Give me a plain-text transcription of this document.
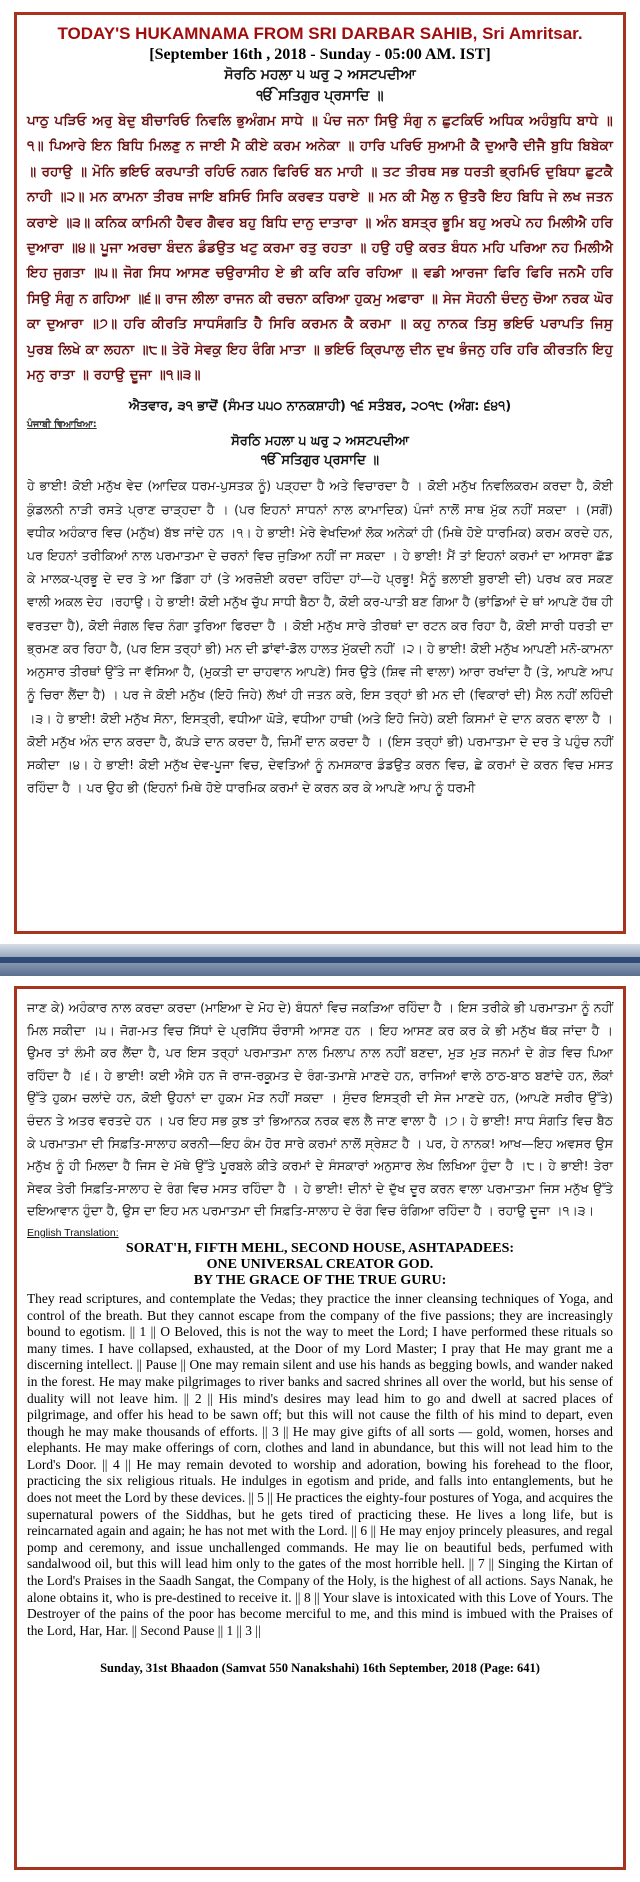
TODAY'S HUKAMNAMA FROM SRI DARBAR SAHIB, Sri Amritsar.
[September 16th , 2018 - Sunday - 05:00 AM. IST]
ਸੋਰਠਿ ਮਹਲਾ ੫ ਘਰੁ ੨ ਅਸਟਪਦੀਆ
ੴ ਸਤਿਗੁਰ ਪ੍ਰਸਾਦਿ ॥
ਪਾਠੁ ਪੜਿਓ ਅਰੁ ਬੇਦੁ ਬੀਚਾਰਿਓ ਨਿਵਲਿ ਭੁਅੰਗਮ ਸਾਧੇ ॥ ਪੰਚ ਜਨਾ ਸਿਉ ਸੰਗੁ ਨ ਛੁਟਕਿਓ ਅਧਿਕ ਅਹੰਬੁਧਿ ਬਾਧੇ ॥੧॥ ਪਿਆਰੇ ਇਨ ਬਿਧਿ ਮਿਲਣੁ ਨ ਜਾਈ ਮੈ ਕੀਏ ਕਰਮ ਅਨੇਕਾ ॥ ਹਾਰਿ ਪਰਿਓ ਸੁਆਮੀ ਕੈ ਦੁਆਰੈ ਦੀਜੈ ਬੁਧਿ ਬਿਬੇਕਾ ॥ ਰਹਾਉ ॥ ਮੋਨਿ ਭਇਓ ਕਰਪਾਤੀ ਰਹਿਓ ਨਗਨ ਫਿਰਿਓ ਬਨ ਮਾਹੀ ॥ ਤਟ ਤੀਰਥ ਸਭ ਧਰਤੀ ਭ੍ਰਮਿਓ ਦੁਬਿਧਾ ਛੁਟਕੈ ਨਾਹੀ ॥੨॥ ਮਨ ਕਾਮਨਾ ਤੀਰਥ ਜਾਇ ਬਸਿਓ ਸਿਰਿ ਕਰਵਤ ਧਰਾਏ ॥ ਮਨ ਕੀ ਮੈਲੁ ਨ ਉਤਰੈ ਇਹ ਬਿਧਿ ਜੇ ਲਖ ਜਤਨ ਕਰਾਏ ॥੩॥ ਕਨਿਕ ਕਾਮਿਨੀ ਹੈਵਰ ਗੈਵਰ ਬਹੁ ਬਿਧਿ ਦਾਨੁ ਦਾਤਾਰਾ ॥ ਅੰਨ ਬਸਤ੍ਰ ਭੂਮਿ ਬਹੁ ਅਰਪੇ ਨਹ ਮਿਲੀਐ ਹਰਿ ਦੁਆਰਾ ॥੪॥ ਪੂਜਾ ਅਰਚਾ ਬੰਦਨ ਡੰਡਉਤ ਖਟੁ ਕਰਮਾ ਰਤੁ ਰਹਤਾ ॥ ਹਉ ਹਉ ਕਰਤ ਬੰਧਨ ਮਹਿ ਪਰਿਆ ਨਹ ਮਿਲੀਐ ਇਹ ਜੁਗਤਾ ॥੫॥ ਜੋਗ ਸਿਧ ਆਸਣ ਚਉਰਾਸੀਹ ਏ ਭੀ ਕਰਿ ਕਰਿ ਰਹਿਆ ॥ ਵਡੀ ਆਰਜਾ ਫਿਰਿ ਫਿਰਿ ਜਨਮੈ ਹਰਿ ਸਿਉ ਸੰਗੁ ਨ ਗਹਿਆ ॥੬॥ ਰਾਜ ਲੀਲਾ ਰਾਜਨ ਕੀ ਰਚਨਾ ਕਰਿਆ ਹੁਕਮੁ ਅਫਾਰਾ ॥ ਸੇਜ ਸੋਹਨੀ ਚੰਦਨੁ ਚੋਆ ਨਰਕ ਘੋਰ ਕਾ ਦੁਆਰਾ ॥੭॥ ਹਰਿ ਕੀਰਤਿ ਸਾਧਸੰਗਤਿ ਹੈ ਸਿਰਿ ਕਰਮਨ ਕੈ ਕਰਮਾ ॥ ਕਹੁ ਨਾਨਕ ਤਿਸੁ ਭਇਓ ਪਰਾਪਤਿ ਜਿਸੁ ਪੁਰਬ ਲਿਖੇ ਕਾ ਲਹਨਾ ॥੮॥ ਤੇਰੋ ਸੇਵਕੁ ਇਹ ਰੰਗਿ ਮਾਤਾ ॥ ਭਇਓ ਕ੍ਰਿਪਾਲੁ ਦੀਨ ਦੁਖ ਭੰਜਨੁ ਹਰਿ ਹਰਿ ਕੀਰਤਨਿ ਇਹੁ ਮਨੁ ਰਾਤਾ ॥ ਰਹਾਉ ਦੂਜਾ ॥੧॥੩॥
ਐਤਵਾਰ, ੩੧ ਭਾਦੋਂ (ਸੰਮਤ ੫੫੦ ਨਾਨਕਸ਼ਾਹੀ) ੧੬ ਸਤੰਬਰ, ੨੦੧੮ (ਅੰਗ: ੬੪੧)
ਪੰਜਾਬੀ ਵਿਆਖਿਆ:
ਸੋਰਠਿ ਮਹਲਾ ੫ ਘਰੁ ੨ ਅਸਟਪਦੀਆ
ੴ ਸਤਿਗੁਰ ਪ੍ਰਸਾਦਿ ॥
ਹੇ ਭਾਈ! ਕੋਈ ਮਨੁੱਖ ਵੇਦ (ਆਦਿਕ ਧਰਮ-ਪੁਸਤਕ ਨੂੰ) ਪੜ੍ਹਦਾ ਹੈ ਅਤੇ ਵਿਚਾਰਦਾ ਹੈ । ਕੋਈ ਮਨੁੱਖ ਨਿਵਲਿਕਰਮ ਕਰਦਾ ਹੈ, ਕੋਈ ਕੁੰਡਲਨੀ ਨਾੜੀ ਰਸਤੇ ਪ੍ਰਾਣ ਚਾੜ੍ਹਦਾ ਹੈ । (ਪਰ ਇਹਨਾਂ ਸਾਧਨਾਂ ਨਾਲ ਕਾਮਾਦਿਕ) ਪੰਜਾਂ ਨਾਲੋਂ ਸਾਥ ਮੁੱਕ ਨਹੀਂ ਸਕਦਾ । (ਸਗੋਂ) ਵਧੀਕ ਅਹੰਕਾਰ ਵਿਚ (ਮਨੁੱਖ) ਬੱਝ ਜਾਂਦੇ ਹਨ ।੧। ਹੇ ਭਾਈ! ਮੇਰੇ ਵੇਖਦਿਆਂ ਲੋਕ ਅਨੇਕਾਂ ਹੀ (ਮਿਥੇ ਹੋਏ ਧਾਰਮਿਕ) ਕਰਮ ਕਰਦੇ ਹਨ, ਪਰ ਇਹਨਾਂ ਤਰੀਕਿਆਂ ਨਾਲ ਪਰਮਾਤਮਾ ਦੇ ਚਰਨਾਂ ਵਿਚ ਜੁੜਿਆ ਨਹੀਂ ਜਾ ਸਕਦਾ । ਹੇ ਭਾਈ! ਮੈਂ ਤਾਂ ਇਹਨਾਂ ਕਰਮਾਂ ਦਾ ਆਸਰਾ ਛੱਡ ਕੇ ਮਾਲਕ-ਪ੍ਰਭੂ ਦੇ ਦਰ ਤੇ ਆ ਡਿੱਗਾ ਹਾਂ (ਤੇ ਅਰਜ਼ੋਈ ਕਰਦਾ ਰਹਿੰਦਾ ਹਾਂ—ਹੇ ਪ੍ਰਭੂ! ਮੈਨੂੰ ਭਲਾਈ ਬੁਰਾਈ ਦੀ) ਪਰਖ ਕਰ ਸਕਣ ਵਾਲੀ ਅਕਲ ਦੇਹ ।ਰਹਾਉ। ਹੇ ਭਾਈ! ਕੋਈ ਮਨੁੱਖ ਚੁੱਪ ਸਾਧੀ ਬੈਠਾ ਹੈ, ਕੋਈ ਕਰ-ਪਾਤੀ ਬਣ ਗਿਆ ਹੈ (ਭਾਂਡਿਆਂ ਦੇ ਥਾਂ ਆਪਣੇ ਹੱਥ ਹੀ ਵਰਤਦਾ ਹੈ), ਕੋਈ ਜੰਗਲ ਵਿਚ ਨੰਗਾ ਤੁਰਿਆ ਫਿਰਦਾ ਹੈ । ਕੋਈ ਮਨੁੱਖ ਸਾਰੇ ਤੀਰਥਾਂ ਦਾ ਰਟਨ ਕਰ ਰਿਹਾ ਹੈ, ਕੋਈ ਸਾਰੀ ਧਰਤੀ ਦਾ ਭ੍ਰਮਣ ਕਰ ਰਿਹਾ ਹੈ, (ਪਰ ਇਸ ਤਰ੍ਹਾਂ ਭੀ) ਮਨ ਦੀ ਡਾਂਵਾਂ-ਡੋਲ ਹਾਲਤ ਮੁੱਕਦੀ ਨਹੀਂ ।੨। ਹੇ ਭਾਈ! ਕੋਈ ਮਨੁੱਖ ਆਪਣੀ ਮਨੋ-ਕਾਮਨਾ ਅਨੁਸਾਰ ਤੀਰਥਾਂ ਉੱਤੇ ਜਾ ਵੱਸਿਆ ਹੈ, (ਮੁਕਤੀ ਦਾ ਚਾਹਵਾਨ ਆਪਣੇ) ਸਿਰ ਉਤੇ (ਸ਼ਿਵ ਜੀ ਵਾਲਾ) ਆਰਾ ਰਖਾਂਦਾ ਹੈ (ਤੇ, ਆਪਣੇ ਆਪ ਨੂੰ ਚਿਰਾ ਲੈਂਦਾ ਹੈ) । ਪਰ ਜੇ ਕੋਈ ਮਨੁੱਖ (ਇਹੋ ਜਿਹੇ) ਲੱਖਾਂ ਹੀ ਜਤਨ ਕਰੇ, ਇਸ ਤਰ੍ਹਾਂ ਭੀ ਮਨ ਦੀ (ਵਿਕਾਰਾਂ ਦੀ) ਮੈਲ ਨਹੀਂ ਲਹਿੰਦੀ ।੩। ਹੇ ਭਾਈ! ਕੋਈ ਮਨੁੱਖ ਸੋਨਾ, ਇਸਤ੍ਰੀ, ਵਧੀਆ ਘੋੜੇ, ਵਧੀਆ ਹਾਥੀ (ਅਤੇ ਇਹੋ ਜਿਹੇ) ਕਈ ਕਿਸਮਾਂ ਦੇ ਦਾਨ ਕਰਨ ਵਾਲਾ ਹੈ । ਕੋਈ ਮਨੁੱਖ ਅੰਨ ਦਾਨ ਕਰਦਾ ਹੈ, ਕੱਪੜੇ ਦਾਨ ਕਰਦਾ ਹੈ, ਜ਼ਿਮੀਂ ਦਾਨ ਕਰਦਾ ਹੈ । (ਇਸ ਤਰ੍ਹਾਂ ਭੀ) ਪਰਮਾਤਮਾ ਦੇ ਦਰ ਤੇ ਪਹੁੰਚ ਨਹੀਂ ਸਕੀਦਾ ।੪। ਹੇ ਭਾਈ! ਕੋਈ ਮਨੁੱਖ ਦੇਵ-ਪੂਜਾ ਵਿਚ, ਦੇਵਤਿਆਂ ਨੂੰ ਨਮਸਕਾਰ ਡੰਡਉਤ ਕਰਨ ਵਿਚ, ਛੇ ਕਰਮਾਂ ਦੇ ਕਰਨ ਵਿਚ ਮਸਤ ਰਹਿੰਦਾ ਹੈ । ਪਰ ਉਹ ਭੀ (ਇਹਨਾਂ ਮਿਥੇ ਹੋਏ ਧਾਰਮਿਕ ਕਰਮਾਂ ਦੇ ਕਰਨ ਕਰ ਕੇ ਆਪਣੇ ਆਪ ਨੂੰ ਧਰਮੀ
ਜਾਣ ਕੇ) ਅਹੰਕਾਰ ਨਾਲ ਕਰਦਾ ਕਰਦਾ (ਮਾਇਆ ਦੇ ਮੋਹ ਦੇ) ਬੰਧਨਾਂ ਵਿਚ ਜਕੜਿਆ ਰਹਿੰਦਾ ਹੈ । ਇਸ ਤਰੀਕੇ ਭੀ ਪਰਮਾਤਮਾ ਨੂੰ ਨਹੀਂ ਮਿਲ ਸਕੀਦਾ ।੫। ਜੋਗ-ਮਤ ਵਿਚ ਸਿੱਧਾਂ ਦੇ ਪ੍ਰਸਿੱਧ ਚੌਰਾਸੀ ਆਸਣ ਹਨ । ਇਹ ਆਸਣ ਕਰ ਕਰ ਕੇ ਭੀ ਮਨੁੱਖ ਥੱਕ ਜਾਂਦਾ ਹੈ । ਉਮਰ ਤਾਂ ਲੰਮੀ ਕਰ ਲੈਂਦਾ ਹੈ, ਪਰ ਇਸ ਤਰ੍ਹਾਂ ਪਰਮਾਤਮਾ ਨਾਲ ਮਿਲਾਪ ਨਾਲ ਨਹੀਂ ਬਣਦਾ, ਮੁੜ ਮੁੜ ਜਨਮਾਂ ਦੇ ਗੇੜ ਵਿਚ ਪਿਆ ਰਹਿੰਦਾ ਹੈ ।੬। ਹੇ ਭਾਈ! ਕਈ ਐਸੇ ਹਨ ਜੋ ਰਾਜ-ਰਕੂਮਤ ਦੇ ਰੰਗ-ਤਮਾਸ਼ੇ ਮਾਣਦੇ ਹਨ, ਰਾਜਿਆਂ ਵਾਲੇ ਠਾਠ-ਬਾਠ ਬਣਾਂਦੇ ਹਨ, ਲੋਕਾਂ ਉੱਤੇ ਹੁਕਮ ਚਲਾਂਦੇ ਹਨ, ਕੋਈ ਉਹਨਾਂ ਦਾ ਹੁਕਮ ਮੋੜ ਨਹੀਂ ਸਕਦਾ । ਸੁੰਦਰ ਇਸਤ੍ਰੀ ਦੀ ਸੇਜ ਮਾਣਦੇ ਹਨ, (ਆਪਣੇ ਸਰੀਰ ਉੱਤੇ) ਚੰਦਨ ਤੇ ਅਤਰ ਵਰਤਦੇ ਹਨ । ਪਰ ਇਹ ਸਭ ਕੁਝ ਤਾਂ ਭਿਆਨਕ ਨਰਕ ਵਲ ਲੈ ਜਾਣ ਵਾਲਾ ਹੈ ।੭। ਹੇ ਭਾਈ! ਸਾਧ ਸੰਗਤਿ ਵਿਚ ਬੈਠ ਕੇ ਪਰਮਾਤਮਾ ਦੀ ਸਿਫ਼ਤਿ-ਸਾਲਾਹ ਕਰਨੀ—ਇਹ ਕੰਮ ਹੋਰ ਸਾਰੇ ਕਰਮਾਂ ਨਾਲੋਂ ਸ੍ਰੇਸ਼ਟ ਹੈ । ਪਰ, ਹੇ ਨਾਨਕ! ਆਖ—ਇਹ ਅਵਸਰ ਉਸ ਮਨੁੱਖ ਨੂੰ ਹੀ ਮਿਲਦਾ ਹੈ ਜਿਸ ਦੇ ਮੱਥੇ ਉੱਤੇ ਪੂਰਬਲੇ ਕੀਤੇ ਕਰਮਾਂ ਦੇ ਸੰਸਕਾਰਾਂ ਅਨੁਸਾਰ ਲੇਖ ਲਿਖਿਆ ਹੁੰਦਾ ਹੈ ।੮। ਹੇ ਭਾਈ! ਤੇਰਾ ਸੇਵਕ ਤੇਰੀ ਸਿਫ਼ਤਿ-ਸਾਲਾਹ ਦੇ ਰੰਗ ਵਿਚ ਮਸਤ ਰਹਿੰਦਾ ਹੈ । ਹੇ ਭਾਈ! ਦੀਨਾਂ ਦੇ ਦੁੱਖ ਦੂਰ ਕਰਨ ਵਾਲਾ ਪਰਮਾਤਮਾ ਜਿਸ ਮਨੁੱਖ ਉੱਤੇ ਦਇਆਵਾਨ ਹੁੰਦਾ ਹੈ, ਉਸ ਦਾ ਇਹ ਮਨ ਪਰਮਾਤਮਾ ਦੀ ਸਿਫ਼ਤਿ-ਸਾਲਾਹ ਦੇ ਰੰਗ ਵਿਚ ਰੰਗਿਆ ਰਹਿੰਦਾ ਹੈ । ਰਹਾਉ ਦੂਜਾ ।੧।੩।
English Translation:
SORAT'H, FIFTH MEHL, SECOND HOUSE, ASHTAPADEES:
ONE UNIVERSAL CREATOR GOD.
BY THE GRACE OF THE TRUE GURU:
They read scriptures, and contemplate the Vedas; they practice the inner cleansing techniques of Yoga, and control of the breath. But they cannot escape from the company of the five passions; they are increasingly bound to egotism. || 1 || O Beloved, this is not the way to meet the Lord; I have performed these rituals so many times. I have collapsed, exhausted, at the Door of my Lord Master; I pray that He may grant me a discerning intellect. || Pause || One may remain silent and use his hands as begging bowls, and wander naked in the forest. He may make pilgrimages to river banks and sacred shrines all over the world, but his sense of duality will not leave him. || 2 || His mind's desires may lead him to go and dwell at sacred places of pilgrimage, and offer his head to be sawn off; but this will not cause the filth of his mind to depart, even though he may make thousands of efforts. || 3 || He may give gifts of all sorts — gold, women, horses and elephants. He may make offerings of corn, clothes and land in abundance, but this will not lead him to the Lord's Door. || 4 || He may remain devoted to worship and adoration, bowing his forehead to the floor, practicing the six religious rituals. He indulges in egotism and pride, and falls into entanglements, but he does not meet the Lord by these devices. || 5 || He practices the eighty-four postures of Yoga, and acquires the supernatural powers of the Siddhas, but he gets tired of practicing these. He lives a long life, but is reincarnated again and again; he has not met with the Lord. || 6 || He may enjoy princely pleasures, and regal pomp and ceremony, and issue unchallenged commands. He may lie on beautiful beds, perfumed with sandalwood oil, but this will lead him only to the gates of the most horrible hell. || 7 || Singing the Kirtan of the Lord's Praises in the Saadh Sangat, the Company of the Holy, is the highest of all actions. Says Nanak, he alone obtains it, who is pre-destined to receive it. || 8 || Your slave is intoxicated with this Love of Yours. The Destroyer of the pains of the poor has become merciful to me, and this mind is imbued with the Praises of the Lord, Har, Har. || Second Pause || 1 || 3 ||
Sunday, 31st Bhaadon (Samvat 550 Nanakshahi) 16th September, 2018 (Page: 641)
